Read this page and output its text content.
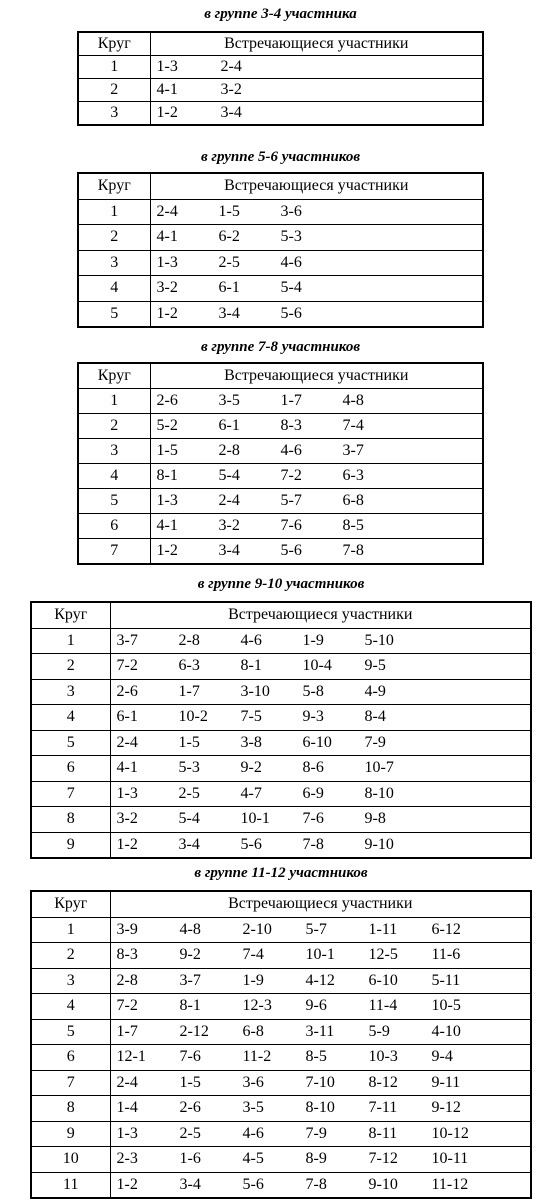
в группе 3-4 участника
Круг	Встречающиеся участники
1	1-3 2-4
2	4-1 3-2
3	1-2 3-4
в группе 5-6 участников
Круг	Встречающиеся участники
1	2-4 1-5 3-6
2	4-1 6-2 5-3
3	1-3 2-5 4-6
4	3-2 6-1 5-4
5	1-2 3-4 5-6
в группе 7-8 участников
Круг	Встречающиеся участники
1	2-6 3-5 1-7 4-8
2	5-2 6-1 8-3 7-4
3	1-5 2-8 4-6 3-7
4	8-1 5-4 7-2 6-3
5	1-3 2-4 5-7 6-8
6	4-1 3-2 7-6 8-5
7	1-2 3-4 5-6 7-8
в группе 9-10 участников
Круг	Встречающиеся участники
1	3-7 2-8 4-6 1-9 5-10
2	7-2 6-3 8-1 10-4 9-5
3	2-6 1-7 3-10 5-8 4-9
4	6-1 10-2 7-5 9-3 8-4
5	2-4 1-5 3-8 6-10 7-9
6	4-1 5-3 9-2 8-6 10-7
7	1-3 2-5 4-7 6-9 8-10
8	3-2 5-4 10-1 7-6 9-8
9	1-2 3-4 5-6 7-8 9-10
в группе 11-12 участников
Круг	Встречающиеся участники
1	3-9 4-8 2-10 5-7 1-11 6-12
2	8-3 9-2 7-4 10-1 12-5 11-6
3	2-8 3-7 1-9 4-12 6-10 5-11
4	7-2 8-1 12-3 9-6 11-4 10-5
5	1-7 2-12 6-8 3-11 5-9 4-10
6	12-1 7-6 11-2 8-5 10-3 9-4
7	2-4 1-5 3-6 7-10 8-12 9-11
8	1-4 2-6 3-5 8-10 7-11 9-12
9	1-3 2-5 4-6 7-9 8-11 10-12
10	2-3 1-6 4-5 8-9 7-12 10-11
11	1-2 3-4 5-6 7-8 9-10 11-12
